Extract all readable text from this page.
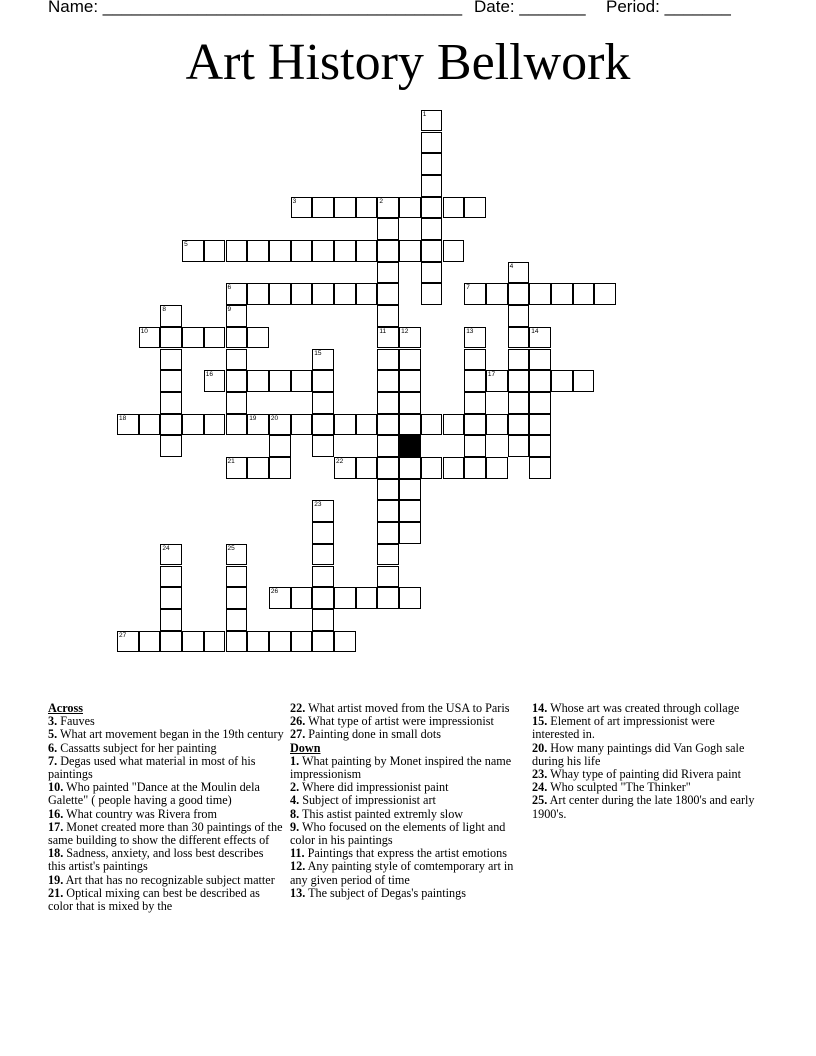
Name: ______________________________________ Date: _______ Period: _______
Art History Bellwork
3	2
5
6	7
10
16	17
18	19 20
21	22
26
27
1
11
4
8	9
12	13	14
15
23
24	25
Across
3. Fauves
5. What art movement began in the 19th century
6. Cassatts subject for her painting
7. Degas used what material in most of his paintings
10. Who painted "Dance at the Moulin dela Galette" ( people having a good time)
16. What country was Rivera from
17. Monet created more than 30 paintings of the same building to show the different effects of
18. Sadness, anxiety, and loss best describes this artist's paintings
19. Art that has no recognizable subject matter
21. Optical mixing can best be described as color that is mixed by the
22. What artist moved from the USA to Paris
26. What type of artist were impressionist
27. Painting done in small dots
Down
1. What painting by Monet inspired the name impressionism
2. Where did impressionist paint
4. Subject of impressionist art
8. This astist painted extremly slow
9. Who focused on the elements of light and color in his paintings
11. Paintings that express the artist emotions
12. Any painting style of comtemporary art in any given period of time
13. The subject of Degas's paintings
14. Whose art was created through collage
15. Element of art impressionist were interested in.
20. How many paintings did Van Gogh sale during his life
23. Whay type of painting did Rivera paint
24. Who sculpted "The Thinker"
25. Art center during the late 1800's and early 1900's.
